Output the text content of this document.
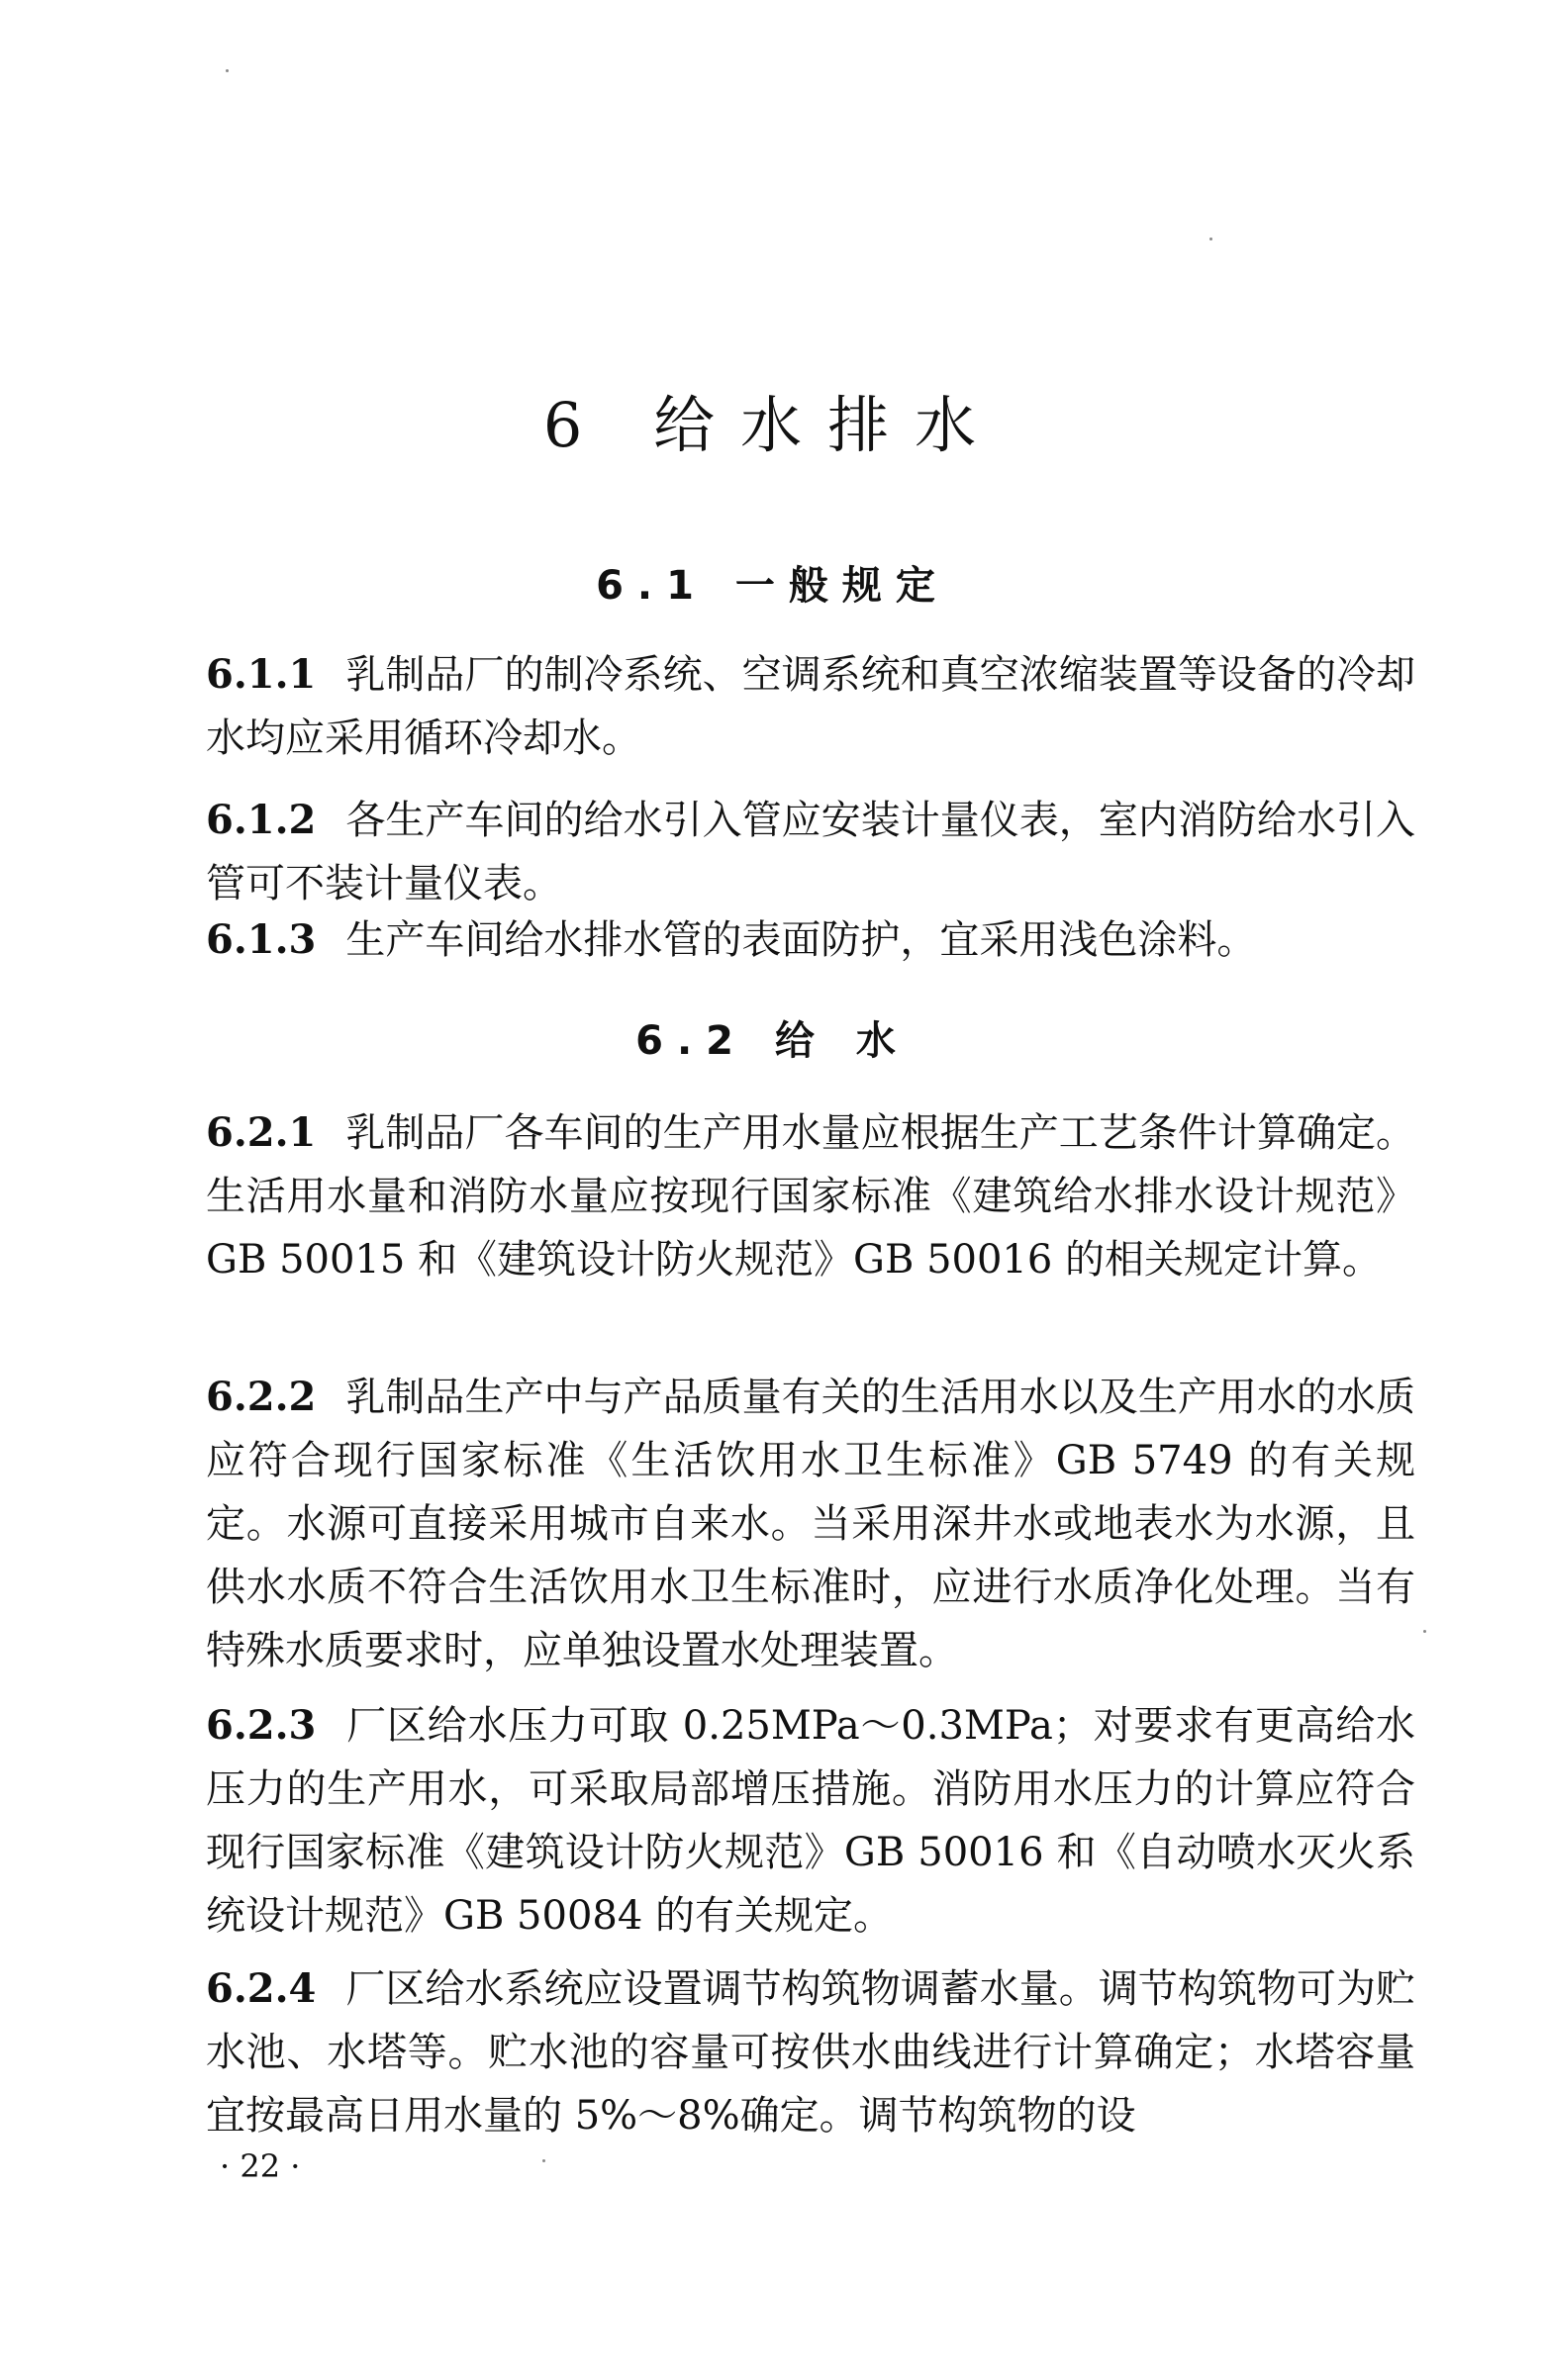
6 给水排水
6.1 一般规定
6.1.1 乳制品厂的制冷系统、空调系统和真空浓缩装置等设备的冷却水均应采用循环冷却水。
6.1.2 各生产车间的给水引入管应安装计量仪表，室内消防给水引入管可不装计量仪表。
6.1.3 生产车间给水排水管的表面防护，宜采用浅色涂料。
6.2 给 水
6.2.1 乳制品厂各车间的生产用水量应根据生产工艺条件计算确定。生活用水量和消防水量应按现行国家标准《建筑给水排水设计规范》GB 50015 和《建筑设计防火规范》GB 50016 的相关规定计算。
6.2.2 乳制品生产中与产品质量有关的生活用水以及生产用水的水质应符合现行国家标准《生活饮用水卫生标准》GB 5749 的有关规定。水源可直接采用城市自来水。当采用深井水或地表水为水源，且供水水质不符合生活饮用水卫生标准时，应进行水质净化处理。当有特殊水质要求时，应单独设置水处理装置。
6.2.3 厂区给水压力可取 0.25MPa～0.3MPa；对要求有更高给水压力的生产用水，可采取局部增压措施。消防用水压力的计算应符合现行国家标准《建筑设计防火规范》GB 50016 和《自动喷水灭火系统设计规范》GB 50084 的有关规定。
6.2.4 厂区给水系统应设置调节构筑物调蓄水量。调节构筑物可为贮水池、水塔等。贮水池的容量可按供水曲线进行计算确定；水塔容量宜按最高日用水量的 5%～8%确定。调节构筑物的设
· 22 ·
